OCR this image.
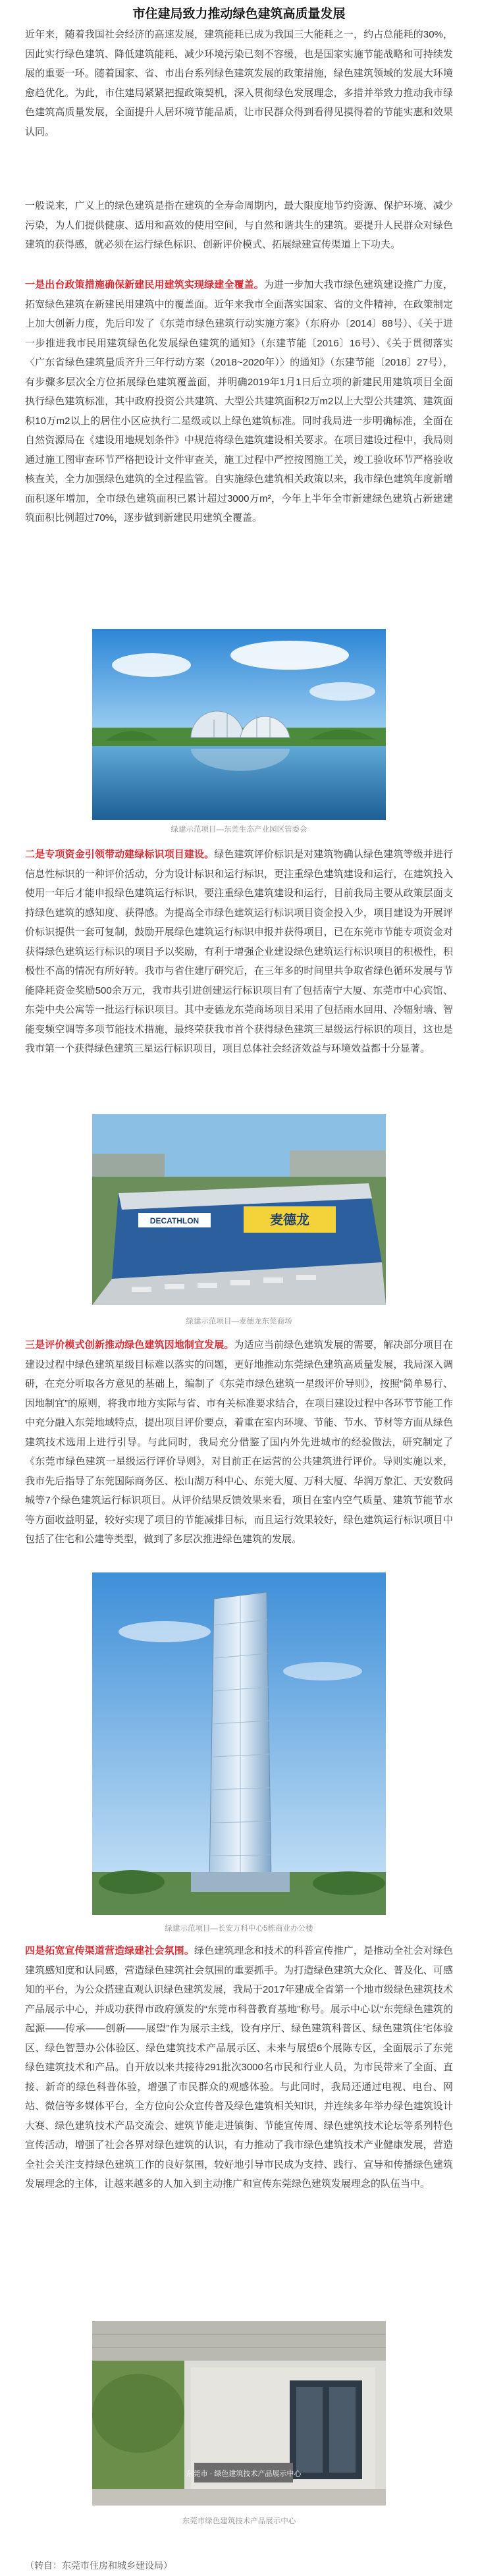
市住建局致力推动绿色建筑高质量发展

近年来，随着我国社会经济的高速发展，建筑能耗已成为我国三大能耗之一，约占总能耗的30%，因此实行绿色建筑、降低建筑能耗、减少环境污染已刻不容缓，也是国家实施节能战略和可持续发展的重要一环。随着国家、省、市出台系列绿色建筑发展的政策措施，绿色建筑领域的发展大环境愈趋优化。为此，市住建局紧紧把握政策契机，深入贯彻绿色发展理念，多措并举致力推动我市绿色建筑高质量发展，全面提升人居环境节能品质，让市民群众得到看得见摸得着的节能实惠和效果认同。

一般说来，广义上的绿色建筑是指在建筑的全寿命周期内，最大限度地节约资源、保护环境、减少污染，为人们提供健康、适用和高效的使用空间，与自然和谐共生的建筑。要提升人民群众对绿色建筑的获得感，就必须在运行绿色标识、创新评价模式、拓展绿建宣传渠道上下功夫。

一是出台政策措施确保新建民用建筑实现绿建全覆盖。为进一步加大我市绿色建筑建设推广力度，拓宽绿色建筑在新建民用建筑中的覆盖面。近年来我市全面落实国家、省的文件精神，在政策制定上加大创新力度，先后印发了《东莞市绿色建筑行动实施方案》（东府办〔2014〕88号）、《关于进一步推进我市民用建筑绿色化发展绿色建筑的通知》（东建节能〔2016〕16号）、《关于贯彻落实〈广东省绿色建筑量质齐升三年行动方案（2018~2020年）〉的通知》（东建节能〔2018〕27号），有步骤多层次全方位拓展绿色建筑覆盖面，并明确2019年1月1日后立项的新建民用建筑项目全面执行绿色建筑标准，其中政府投资公共建筑、大型公共建筑面积2万m2以上大型公共建筑、建筑面积10万m2以上的居住小区应执行二星级或以上绿色建筑标准。同时我局进一步明确标准，全面在自然资源局在《建设用地规划条件》中规范将绿色建筑建设相关要求。在项目建设过程中，我局则通过施工图审查环节严格把设计文件审查关，施工过程中严控按图施工关，竣工验收环节严格验收核查关，全力加强绿色建筑的全过程监管。自实施绿色建筑相关政策以来，我市绿色建筑年度新增面积逐年增加，全市绿色建筑面积已累计超过3000万m²，今年上半年全市新建绿色建筑占新建建筑面积比例超过70%，逐步做到新建民用建筑全覆盖。

绿建示范项目—东莞生态产业园区管委会

二是专项资金引领带动建绿标识项目建设。绿色建筑评价标识是对建筑物确认绿色建筑等级并进行信息性标识的一种评价活动，分为设计标识和运行标识，更注重绿色建筑建设和运行，在建筑投入使用一年后才能申报绿色建筑运行标识，要注重绿色建筑建设和运行，目前我局主要从政策层面支持绿色建筑的感知度、获得感。为提高全市绿色建筑运行标识项目资金投入少，项目建设为开展评价标识提供一套可复制，鼓励开展绿色建筑运行标识申报并获得项目，已在东莞市节能专项资金对获得绿色建筑运行标识的项目予以奖励，有利于增强企业建设绿色建筑运行标识项目的积极性，积极性不高的情况有所好转。我市与省住建厅研究后，在三年多的时间里共争取省绿色循环发展与节能降耗资金奖励500余万元，我市共引进创建运行标识项目有了包括南宁大厦、东莞市中心宾馆、东莞中央公寓等一批运行标识项目。其中麦德龙东莞商场项目采用了包括雨水回用、冷辐射墙、智能变频空调等多项节能技术措施，最终荣获我市首个获得绿色建筑三星级运行标识的项目，这也是我市第一个获得绿色建筑三星运行标识项目，项目总体社会经济效益与环境效益都十分显著。

DECATHLON	麦德龙

绿建示范项目—麦德龙东莞商场

三是评价模式创新推动绿色建筑因地制宜发展。为适应当前绿色建筑发展的需要，解决部分项目在建设过程中绿色建筑星级目标难以落实的问题，更好地推动东莞绿色建筑高质量发展，我局深入调研，在充分听取各方意见的基础上，编制了《东莞市绿色建筑一星级评价导则》，按照“简单易行、因地制宜”的原则，将我市地方实际与省、市有关标准要求结合，在项目建设过程中各环节节能工作中充分融入东莞地域特点，提出项目评价要点，着重在室内环境、节能、节水、节材等方面从绿色建筑技术选用上进行引导。与此同时，我局充分借鉴了国内外先进城市的经验做法，研究制定了《东莞市绿色建筑一星级运行评价导则》，对目前正在运营的公共建筑进行评价。导则实施以来，我市先后指导了东莞国际商务区、松山湖万科中心、东莞大厦、万科大厦、华润万象汇、天安数码城等7个绿色建筑运行标识项目。从评价结果反馈效果来看，项目在室内空气质量、建筑节能节水等方面收益明显，较好实现了项目的节能减排目标，而且运行效果较好，绿色建筑运行标识项目中包括了住宅和公建等类型，做到了多层次推进绿色建筑的发展。

绿建示范项目—长安万科中心5栋商业办公楼

四是拓宽宣传渠道营造绿建社会氛围。绿色建筑理念和技术的科普宣传推广，是推动全社会对绿色建筑感知度和认同感，营造绿色建筑社会氛围的重要抓手。为打造绿色建筑大众化、普及化、可感知的平台，为公众搭建直观认识绿色建筑发展，我局于2017年建成全省第一个地市级绿色建筑技术产品展示中心，并成功获得市政府颁发的“东莞市科普教育基地”称号。展示中心以“东莞绿色建筑的起源——传承——创新——展望”作为展示主线，设有序厅、绿色建筑科普区、绿色建筑住宅体验区、绿色智慧办公体验区、绿色建筑技术产品展示区、未来与展望6个展陈专区，全面展示了东莞绿色建筑技术和产品。自开放以来共接待291批次3000名市民和行业人员，为市民带来了全面、直接、新奇的绿色科普体验，增强了市民群众的观感体验。与此同时，我局还通过电视、电台、网站、微信等多媒体平台，全方位向公众宣传普及绿色建筑相关知识，并连续多年举办绿色建筑设计大赛、绿色建筑技术产品交流会、建筑节能走进镇街、节能宣传周、绿色建筑技术论坛等系列特色宣传活动，增强了社会各界对绿色建筑的认识，有力推动了我市绿色建筑技术产业健康发展，营造全社会关注支持绿色建筑工作的良好氛围，较好地引导市民成为支持、践行、宣导和传播绿色建筑发展理念的主体，让越来越多的人加入到主动推广和宣传东莞绿色建筑发展理念的队伍当中。

东莞市 · 绿色建筑技术产品展示中心

东莞市绿色建筑技术产品展示中心

（转自：东莞市住房和城乡建设局）
